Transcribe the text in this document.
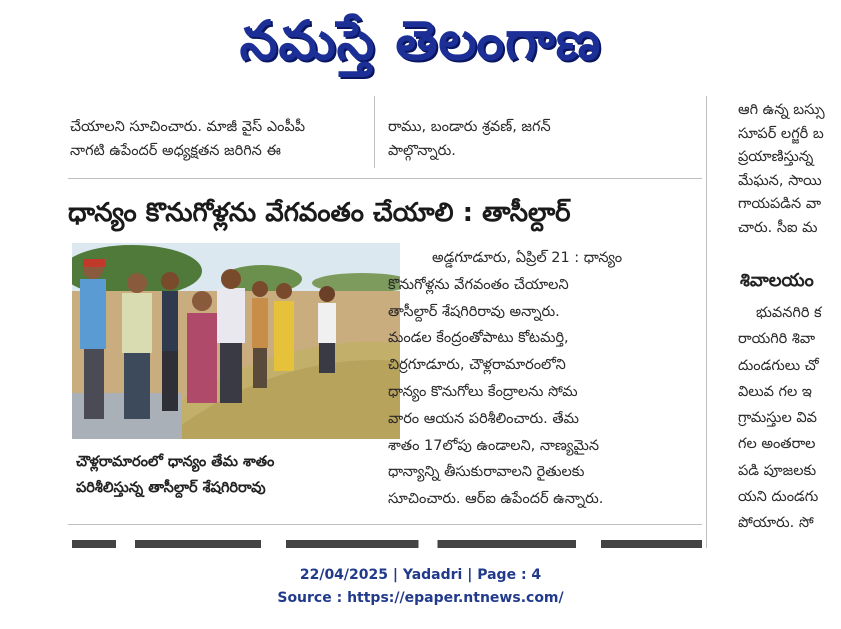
నమస్తే తెలంగాణ

చేయాలని సూచించారు. మాజీ వైస్ ఎంపీపీ

నాగటి ఉపేందర్ అధ్యక్షతన జరిగిన ఈ

రాము, బండారు శ్రవణ్, జగన్

పాల్గొన్నారు.

ధాన్యం కొనుగోళ్లను వేగవంతం చేయాలి : తాసీల్దార్
చౌళ్లరామారంలో ధాన్యం తేమ శాతం
పరిశీలిస్తున్న తాసీల్దార్ శేషగిరిరావు

అడ్డగూడూరు, ఏప్రిల్ 21 : ధాన్యం

కొనుగోళ్లను వేగవంతం చేయాలని

తాసీల్దార్ శేషగిరిరావు అన్నారు.

మండల కేంద్రంతోపాటు కోటమర్తి,

చిర్రగూడూరు, చౌళ్లరామారంలోని

ధాన్యం కొనుగోలు కేంద్రాలను సోమ

వారం ఆయన పరిశీలించారు. తేమ

శాతం 17లోపు ఉండాలని, నాణ్యమైన

ధాన్యాన్ని తీసుకురావాలని రైతులకు

సూచించారు. ఆర్ఐ ఉపేందర్ ఉన్నారు.

ఆగి ఉన్న బస్సు

సూపర్ లగ్జరీ బ

ప్రయాణిస్తున్న

మేఘన, సాయి

గాయపడిన వా

చారు. సీఐ మ

శివాలయం

భువనగిరి క

రాయగిరి శివా

దుండగులు చో

విలువ గల ఇ

గ్రామస్తుల వివ

గల అంతరాల

పడి పూజలకు

యని దుండగు

పోయారు. సో

22/04/2025 | Yadadri | Page : 4
Source : https://epaper.ntnews.com/
